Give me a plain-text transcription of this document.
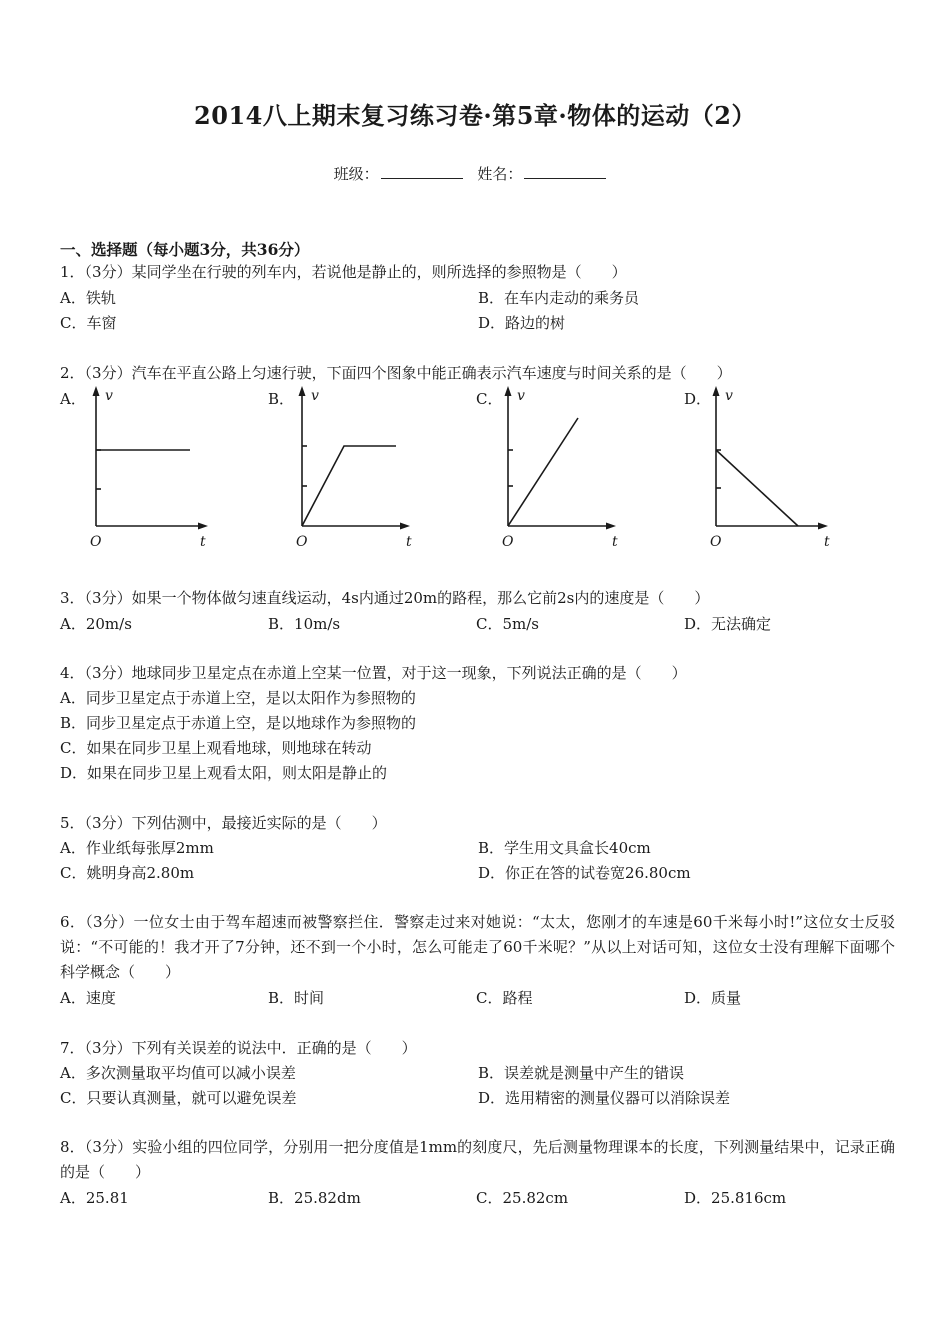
2014八上期末复习练习卷·第5章·物体的运动（2）
班级：	姓名：
一、选择题（每小题3分，共36分）
1．（3分）某同学坐在行驶的列车内，若说他是静止的，则所选择的参照物是（　　）
A．铁轨	B．在车内走动的乘务员
C．车窗	D．路边的树
2．（3分）汽车在平直公路上匀速行驶，下面四个图象中能正确表示汽车速度与时间关系的是（　　）
A．	B．	C．	D．
v
t
O
v
t
O
v
t
O
v
t
O
3．（3分）如果一个物体做匀速直线运动，4s内通过20m的路程，那么它前2s内的速度是（　　）
A．20m/s	B．10m/s	C．5m/s	D．无法确定
4．（3分）地球同步卫星定点在赤道上空某一位置，对于这一现象，下列说法正确的是（　　）
A．同步卫星定点于赤道上空，是以太阳作为参照物的
B．同步卫星定点于赤道上空，是以地球作为参照物的
C．如果在同步卫星上观看地球，则地球在转动
D．如果在同步卫星上观看太阳，则太阳是静止的
5．（3分）下列估测中，最接近实际的是（　　）
A．作业纸每张厚2mm	B．学生用文具盒长40cm
C．姚明身高2.80m	D．你正在答的试卷宽26.80cm
6．（3分）一位女士由于驾车超速而被警察拦住．警察走过来对她说：“太太，您刚才的车速是60千米每小时!”这位女士反驳说：“不可能的！我才开了7分钟，还不到一个小时，怎么可能走了60千米呢？”从以上对话可知，这位女士没有理解下面哪个科学概念（　　）
A．速度	B．时间	C．路程	D．质量
7．（3分）下列有关误差的说法中．正确的是（　　）
A．多次测量取平均值可以减小误差	B．误差就是测量中产生的错误
C．只要认真测量，就可以避免误差	D．选用精密的测量仪器可以消除误差
8．（3分）实验小组的四位同学，分别用一把分度值是1mm的刻度尺，先后测量物理课本的长度，下列测量结果中，记录正确的是（　　）
A．25.81	B．25.82dm	C．25.82cm	D．25.816cm
